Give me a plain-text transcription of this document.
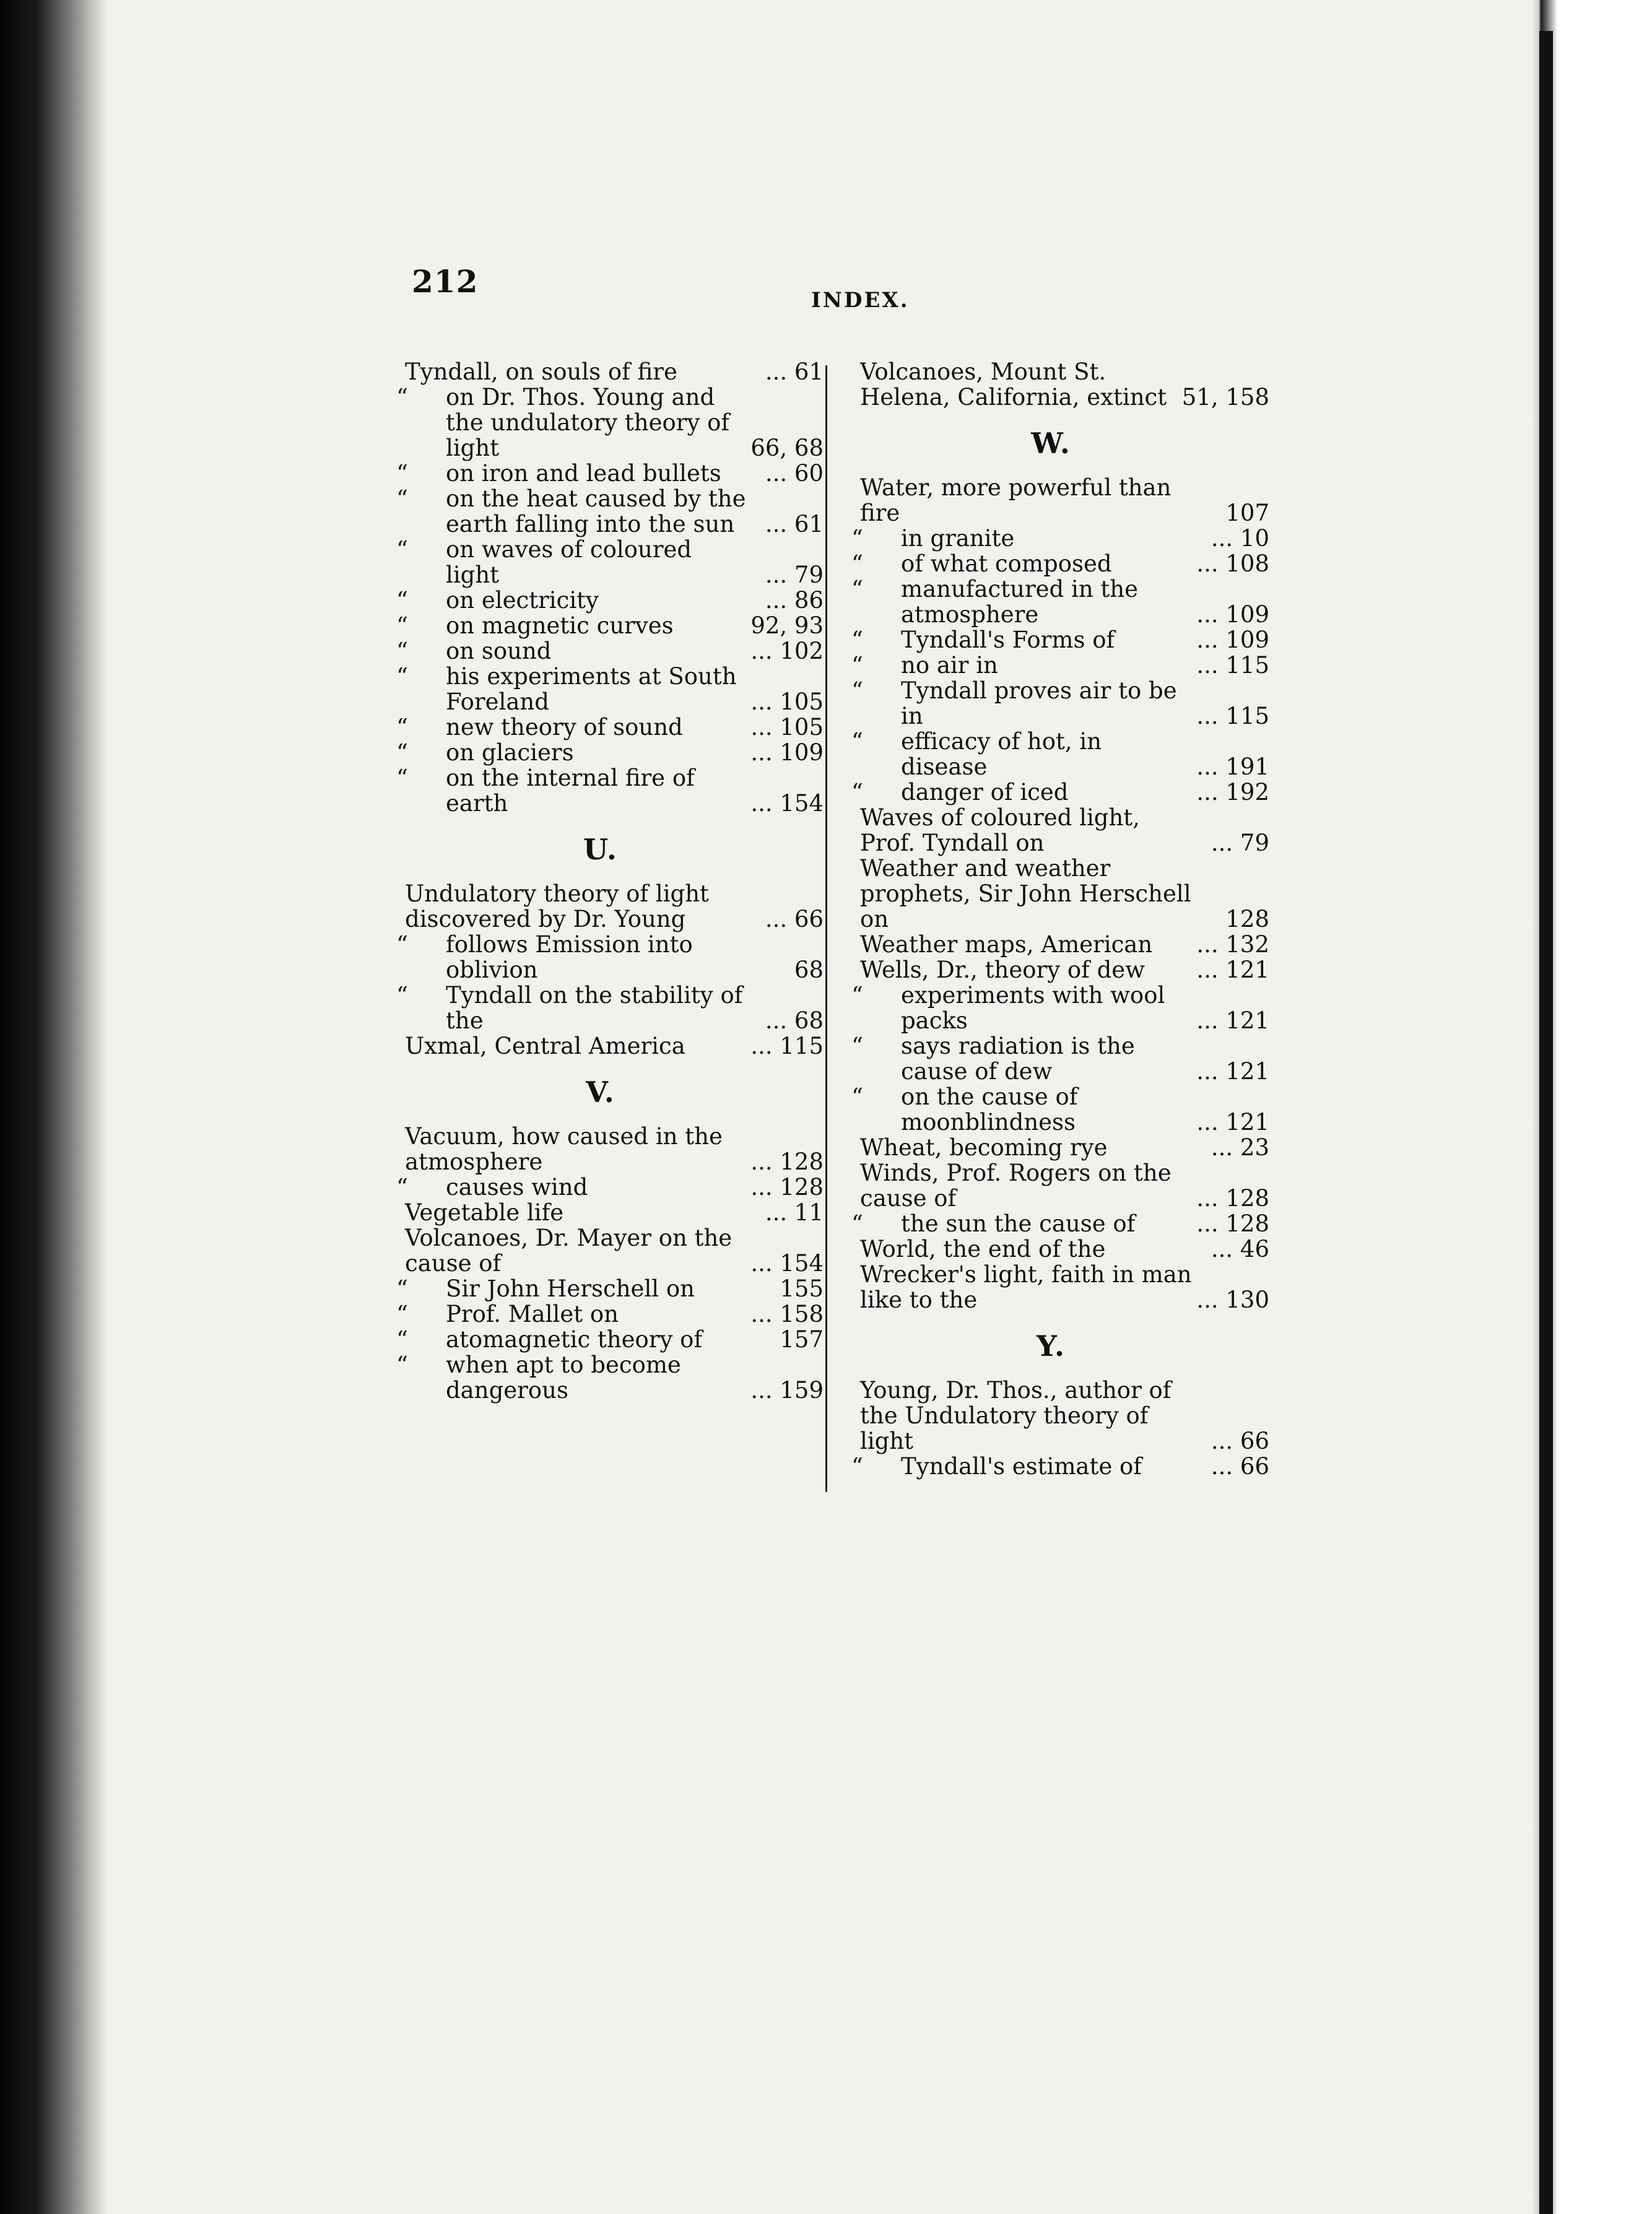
212
INDEX.
Tyndall, on souls of fire	... 61
“ on Dr. Thos. Young and the undulatory theory of light	66, 68
“ on iron and lead bullets	... 60
“ on the heat caused by the earth falling into the sun	... 61
“ on waves of coloured light	... 79
“ on electricity	... 86
“ on magnetic curves	92, 93
“ on sound	... 102
“ his experiments at South Foreland	... 105
“ new theory of sound	... 105
“ on glaciers	... 109
“ on the internal fire of earth	... 154
U.
Undulatory theory of light discovered by Dr. Young	... 66
“ follows Emission into oblivion	68
“ Tyndall on the stability of the	... 68
Uxmal, Central America	... 115
V.
Vacuum, how caused in the atmosphere	... 128
“ causes wind	... 128
Vegetable life	... 11
Volcanoes, Dr. Mayer on the cause of	... 154
“ Sir John Herschell on	155
“ Prof. Mallet on	... 158
“ atomagnetic theory of	157
“ when apt to become dangerous	... 159
Volcanoes, Mount St. Helena, California, extinct 51, 158
W.
Water, more powerful than fire	107
“ in granite	... 10
“ of what composed	... 108
“ manufactured in the atmosphere	... 109
“ Tyndall's Forms of	... 109
“ no air in	... 115
“ Tyndall proves air to be in	... 115
“ efficacy of hot, in disease	... 191
“ danger of iced	... 192
Waves of coloured light, Prof. Tyndall on	... 79
Weather and weather prophets, Sir John Herschell on	128
Weather maps, American	... 132
Wells, Dr., theory of dew	... 121
“ experiments with wool packs	... 121
“ says radiation is the cause of dew	... 121
“ on the cause of moonblindness	... 121
Wheat, becoming rye	... 23
Winds, Prof. Rogers on the cause of	... 128
“ the sun the cause of	... 128
World, the end of the	... 46
Wrecker's light, faith in man like to the	... 130
Y.
Young, Dr. Thos., author of the Undulatory theory of light	... 66
“ Tyndall's estimate of	... 66
